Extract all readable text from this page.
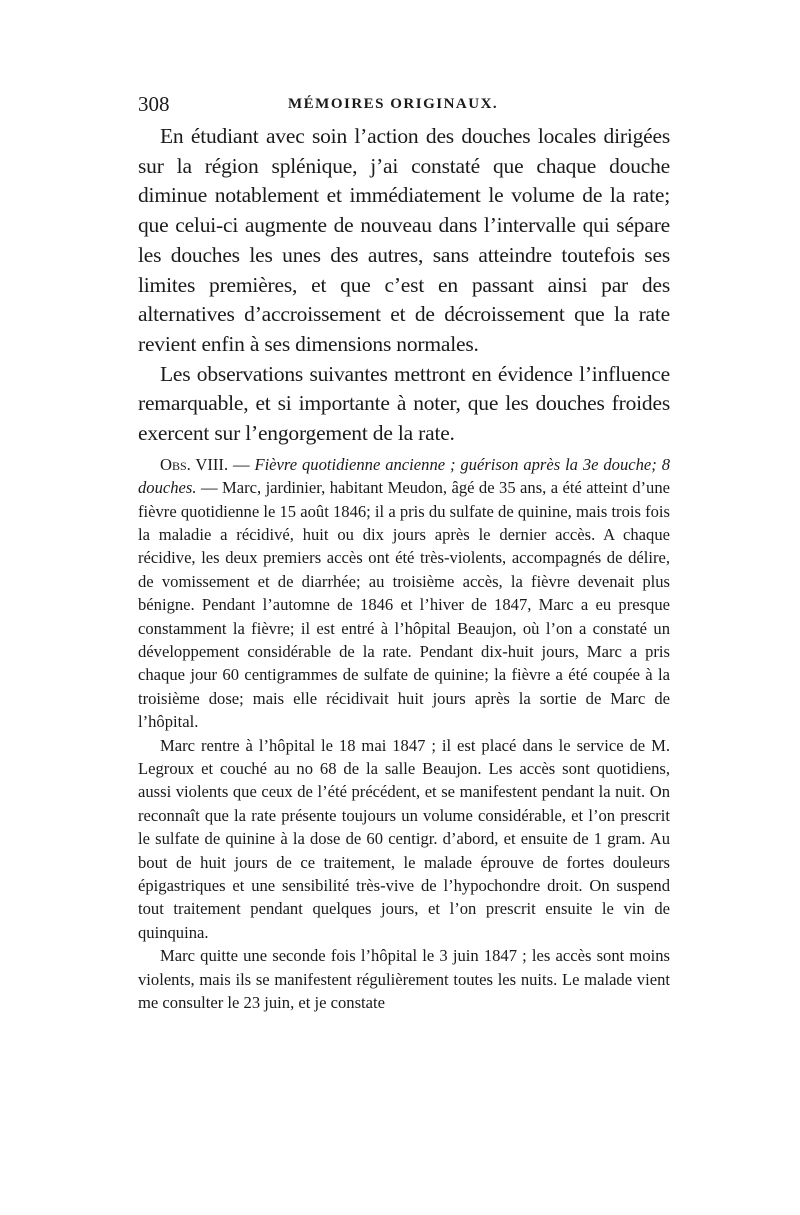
308	MÉMOIRES ORIGINAUX.

En étudiant avec soin l’action des douches locales dirigées sur la région splénique, j’ai constaté que chaque douche diminue notablement et immédiatement le volume de la rate; que celui-ci augmente de nouveau dans l’intervalle qui sépare les douches les unes des autres, sans atteindre toutefois ses limites premières, et que c’est en passant ainsi par des alternatives d’accroissement et de décroissement que la rate revient enfin à ses dimensions normales.

Les observations suivantes mettront en évidence l’influence remarquable, et si importante à noter, que les douches froides exercent sur l’engorgement de la rate.

Obs. VIII. — Fièvre quotidienne ancienne ; guérison après la 3e douche; 8 douches. — Marc, jardinier, habitant Meudon, âgé de 35 ans, a été atteint d’une fièvre quotidienne le 15 août 1846; il a pris du sulfate de quinine, mais trois fois la maladie a récidivé, huit ou dix jours après le dernier accès. A chaque récidive, les deux premiers accès ont été très-violents, accompagnés de délire, de vomissement et de diarrhée; au troisième accès, la fièvre devenait plus bénigne. Pendant l’automne de 1846 et l’hiver de 1847, Marc a eu presque constamment la fièvre; il est entré à l’hôpital Beaujon, où l’on a constaté un développement considérable de la rate. Pendant dix-huit jours, Marc a pris chaque jour 60 centigrammes de sulfate de quinine; la fièvre a été coupée à la troisième dose; mais elle récidivait huit jours après la sortie de Marc de l’hôpital.

Marc rentre à l’hôpital le 18 mai 1847 ; il est placé dans le service de M. Legroux et couché au no 68 de la salle Beaujon. Les accès sont quotidiens, aussi violents que ceux de l’été précédent, et se manifestent pendant la nuit. On reconnaît que la rate présente toujours un volume considérable, et l’on prescrit le sulfate de quinine à la dose de 60 centigr. d’abord, et ensuite de 1 gram. Au bout de huit jours de ce traitement, le malade éprouve de fortes douleurs épigastriques et une sensibilité très-vive de l’hypochondre droit. On suspend tout traitement pendant quelques jours, et l’on prescrit ensuite le vin de quinquina.

Marc quitte une seconde fois l’hôpital le 3 juin 1847 ; les accès sont moins violents, mais ils se manifestent régulièrement toutes les nuits. Le malade vient me consulter le 23 juin, et je constate
